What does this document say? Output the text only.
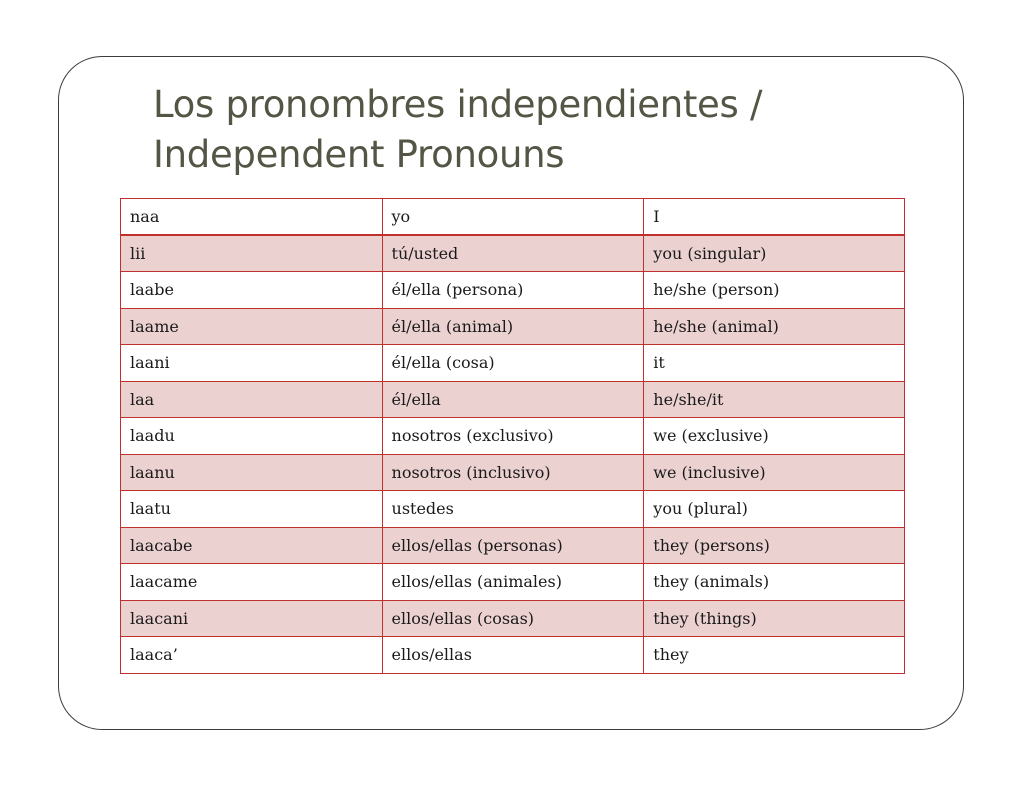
Los pronombres independientes /
Independent Pronouns
naa	yo	I
lii	tú/usted	you (singular)
laabe	él/ella (persona)	he/she (person)
laame	él/ella (animal)	he/she (animal)
laani	él/ella (cosa)	it
laa	él/ella	he/she/it
laadu	nosotros (exclusivo)	we (exclusive)
laanu	nosotros (inclusivo)	we (inclusive)
laatu	ustedes	you (plural)
laacabe	ellos/ellas (personas)	they (persons)
laacame	ellos/ellas (animales)	they (animals)
laacani	ellos/ellas (cosas)	they (things)
laaca’	ellos/ellas	they
